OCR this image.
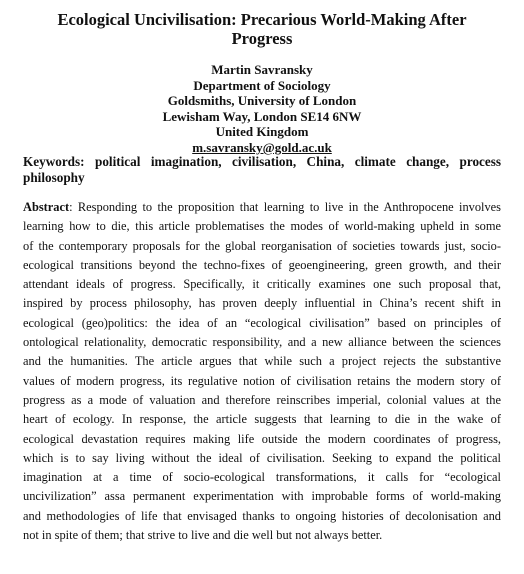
Ecological Uncivilisation: Precarious World-Making After
Progress
Martin Savransky
Department of Sociology
Goldsmiths, University of London
Lewisham Way, London SE14 6NW
United Kingdom
m.savransky@gold.ac.uk
Keywords: political imagination, civilisation, China, climate change, process philosophy
Abstract: Responding to the proposition that learning to live in the Anthropocene involves
learning how to die, this article problematises the modes of world-making upheld in some
of the contemporary proposals for the global reorganisation of societies towards just, socio-
ecological transitions beyond the techno-fixes of geoengineering, green growth, and their
attendant ideals of progress. Specifically, it critically examines one such proposal that,
inspired by process philosophy, has proven deeply influential in China’s recent shift in
ecological (geo)politics: the idea of an “ecological civilisation” based on principles of
ontological relationality, democratic responsibility, and a new alliance between the sciences
and the humanities. The article argues that while such a project rejects the substantive
values of modern progress, its regulative notion of civilisation retains the modern story of
progress as a mode of valuation and therefore reinscribes imperial, colonial values at the
heart of ecology. In response, the article suggests that learning to die in the wake of
ecological devastation requires making life outside the modern coordinates of progress,
which is to say living without the ideal of civilisation. Seeking to expand the political
imagination at a time of socio-ecological transformations, it calls for “ecological
uncivilization” assa permanent experimentation with improbable forms of world-making
and methodologies of life that envisaged thanks to ongoing histories of decolonisation and
not in spite of them; that strive to live and die well but not always better.
